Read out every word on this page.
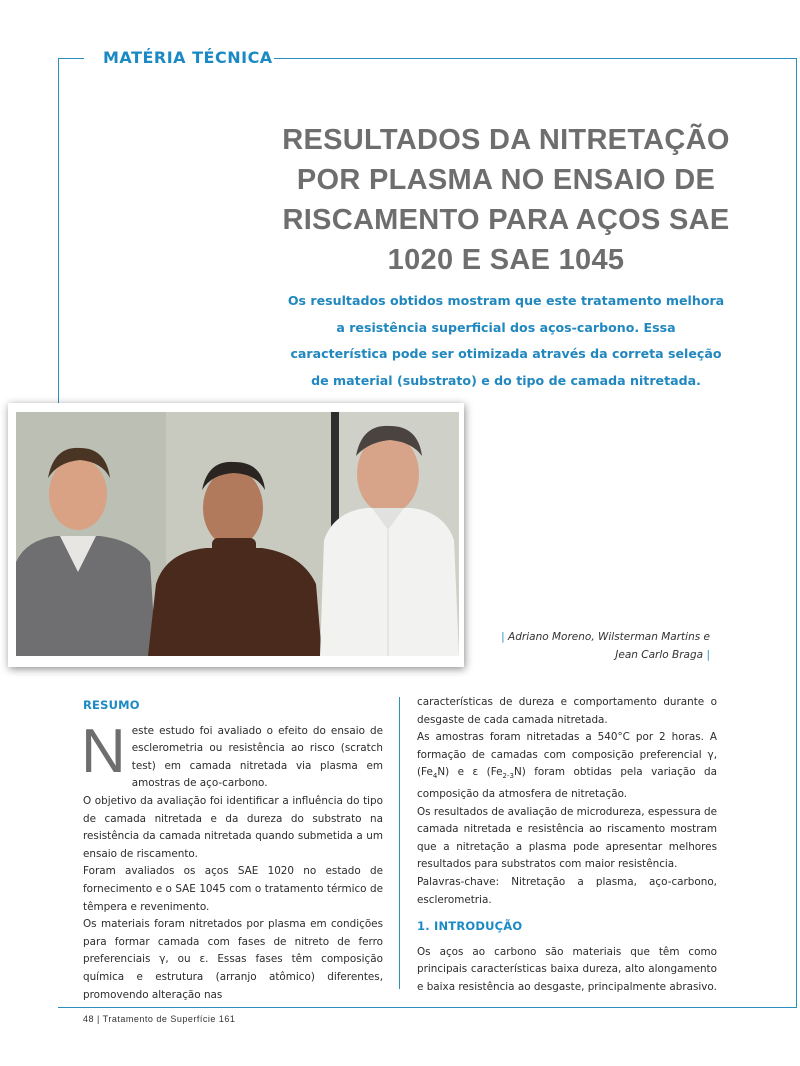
MATÉRIA TÉCNICA
RESULTADOS DA NITRETAÇÃO POR PLASMA NO ENSAIO DE RISCAMENTO PARA AÇOS SAE 1020 E SAE 1045
Os resultados obtidos mostram que este tratamento melhora a resistência superficial dos aços-carbono. Essa característica pode ser otimizada através da correta seleção de material (substrato) e do tipo de camada nitretada.
| Adriano Moreno, Wilsterman Martins e
Jean Carlo Braga |
RESUMO

Neste estudo foi avaliado o efeito do ensaio de esclerometria ou resistência ao risco (scratch test) em camada nitretada via plasma em amostras de aço-carbono.

O objetivo da avaliação foi identificar a influência do tipo de camada nitretada e da dureza do substrato na resistência da camada nitretada quando submetida a um ensaio de riscamento.

Foram avaliados os aços SAE 1020 no estado de fornecimento e o SAE 1045 com o tratamento térmico de têmpera e revenimento.

Os materiais foram nitretados por plasma em condições para formar camada com fases de nitreto de ferro preferenciais γ, ou ε. Essas fases têm composição química e estrutura (arranjo atômico) diferentes, promovendo alteração nas

características de dureza e comportamento durante o desgaste de cada camada nitretada.

As amostras foram nitretadas a 540°C por 2 horas. A formação de camadas com composição preferencial γ, $(Fe_4N)$ e ε $(Fe_{2-3}N)$ foram obtidas pela variação da composição da atmosfera de nitretação.

Os resultados de avaliação de microdureza, espessura de camada nitretada e resistência ao riscamento mostram que a nitretação a plasma pode apresentar melhores resultados para substratos com maior resistência.

Palavras-chave: Nitretação a plasma, aço-carbono, esclerometria.

1. INTRODUÇÃO

Os aços ao carbono são materiais que têm como principais características baixa dureza, alto alongamento e baixa resistência ao desgaste, principalmente abrasivo.

48 | Tratamento de Superfície 161
